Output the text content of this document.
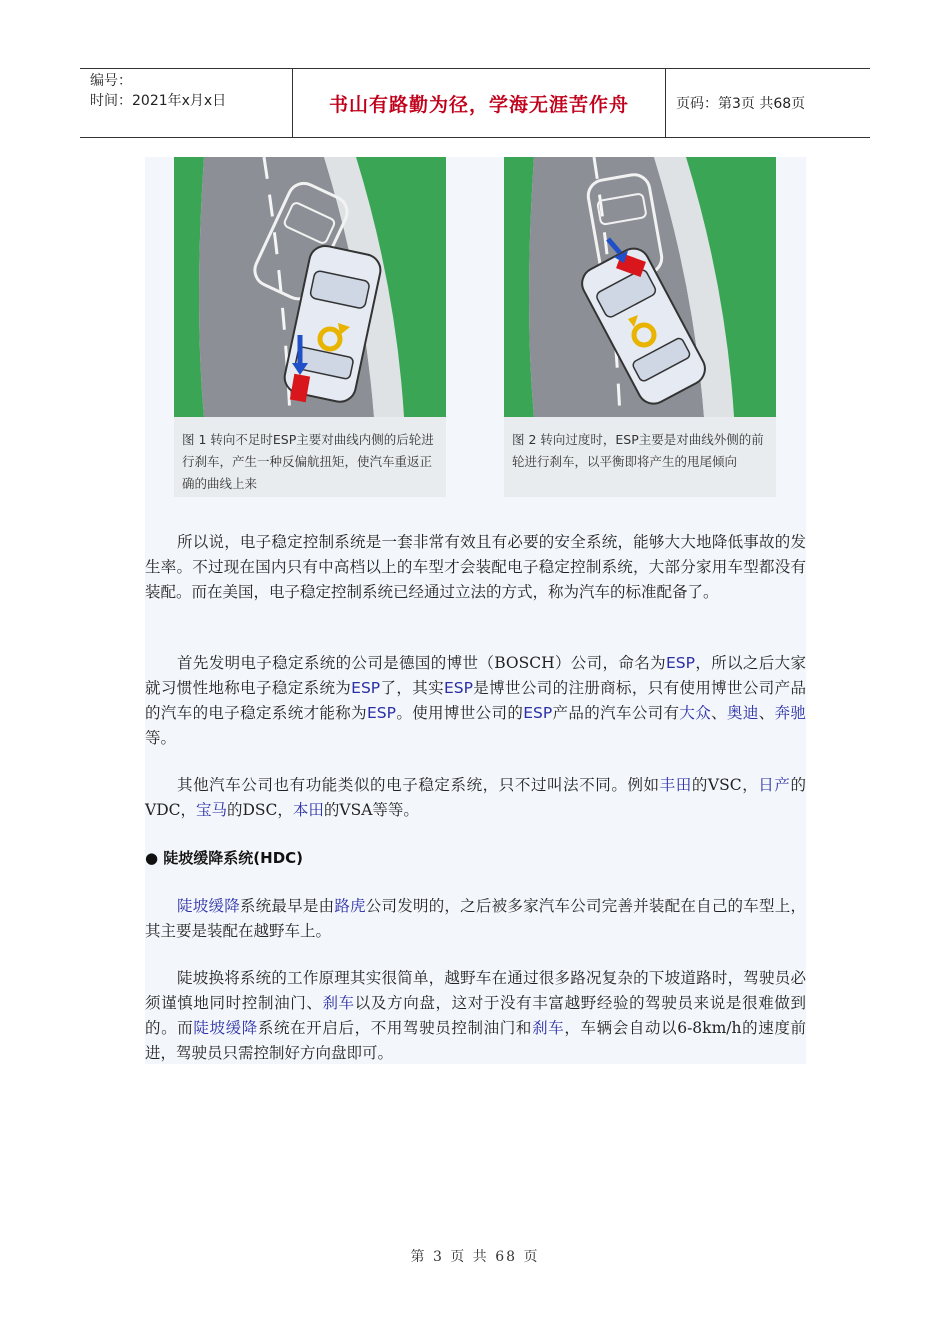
编号：
时间：2021年x月x日	书山有路勤为径，学海无涯苦作舟	页码：第3页 共68页
图 1 转向不足时ESP主要对曲线内侧的后轮进行刹车，产生一种反偏航扭矩，使汽车重返正确的曲线上来
图 2 转向过度时，ESP主要是对曲线外侧的前轮进行刹车，以平衡即将产生的甩尾倾向
所以说，电子稳定控制系统是一套非常有效且有必要的安全系统，能够大大地降低事故的发生率。不过现在国内只有中高档以上的车型才会装配电子稳定控制系统，大部分家用车型都没有装配。而在美国，电子稳定控制系统已经通过立法的方式，称为汽车的标准配备了。
首先发明电子稳定系统的公司是德国的博世（BOSCH）公司，命名为ESP，所以之后大家就习惯性地称电子稳定系统为ESP了，其实ESP是博世公司的注册商标，只有使用博世公司产品的汽车的电子稳定系统才能称为ESP。使用博世公司的ESP产品的汽车公司有大众、奥迪、奔驰等。
其他汽车公司也有功能类似的电子稳定系统，只不过叫法不同。例如丰田的VSC，日产的VDC，宝马的DSC，本田的VSA等等。
● 陡坡缓降系统(HDC)
陡坡缓降系统最早是由路虎公司发明的，之后被多家汽车公司完善并装配在自己的车型上，其主要是装配在越野车上。
陡坡换将系统的工作原理其实很简单，越野车在通过很多路况复杂的下坡道路时，驾驶员必须谨慎地同时控制油门、刹车以及方向盘，这对于没有丰富越野经验的驾驶员来说是很难做到的。而陡坡缓降系统在开启后，不用驾驶员控制油门和刹车，车辆会自动以6-8km/h的速度前进，驾驶员只需控制好方向盘即可。
第 3 页 共 68 页
